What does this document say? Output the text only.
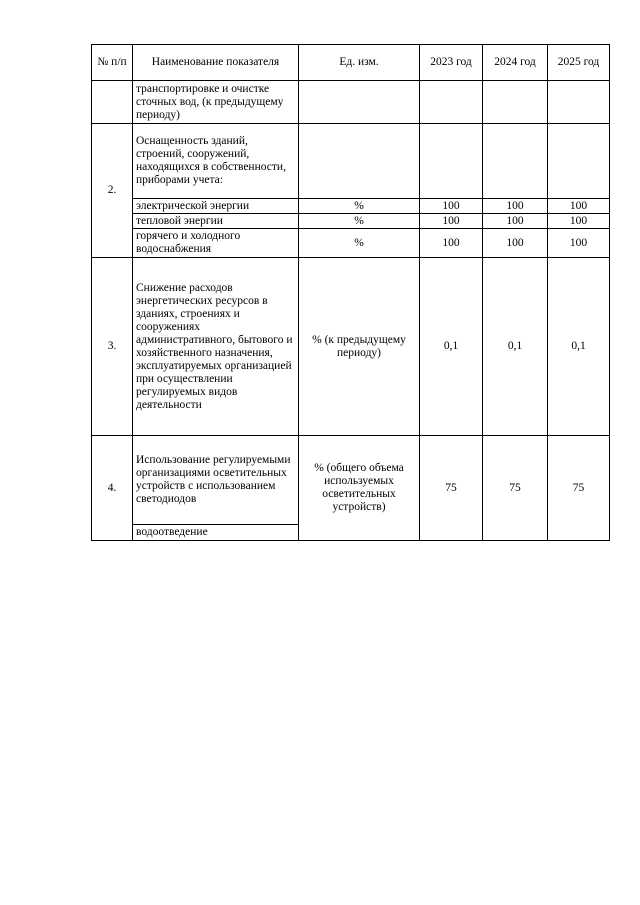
№ п/п	Наименование показателя	Ед. изм.	2023 год	2024 год	2025 год
	транспортировке и очистке сточных вод, (к предыдущему периоду)				
2.	Оснащенность зданий, строений, сооружений, находящихся в собственности, приборами учета:				
	электрической энергии	%	100	100	100
	тепловой энергии	%	100	100	100
	горячего и холодного водоснабжения	%	100	100	100
3.	Снижение расходов энергетических ресурсов в зданиях, строениях и сооружениях административного, бытового и хозяйственного назначения, эксплуатируемых организацией при осуществлении регулируемых видов деятельности	% (к предыдущему периоду)	0,1	0,1	0,1
4.	Использование регулируемыми организациями осветительных устройств с использованием светодиодов	% (общего объема используемых осветительных устройств)	75	75	75
	водоотведение				
